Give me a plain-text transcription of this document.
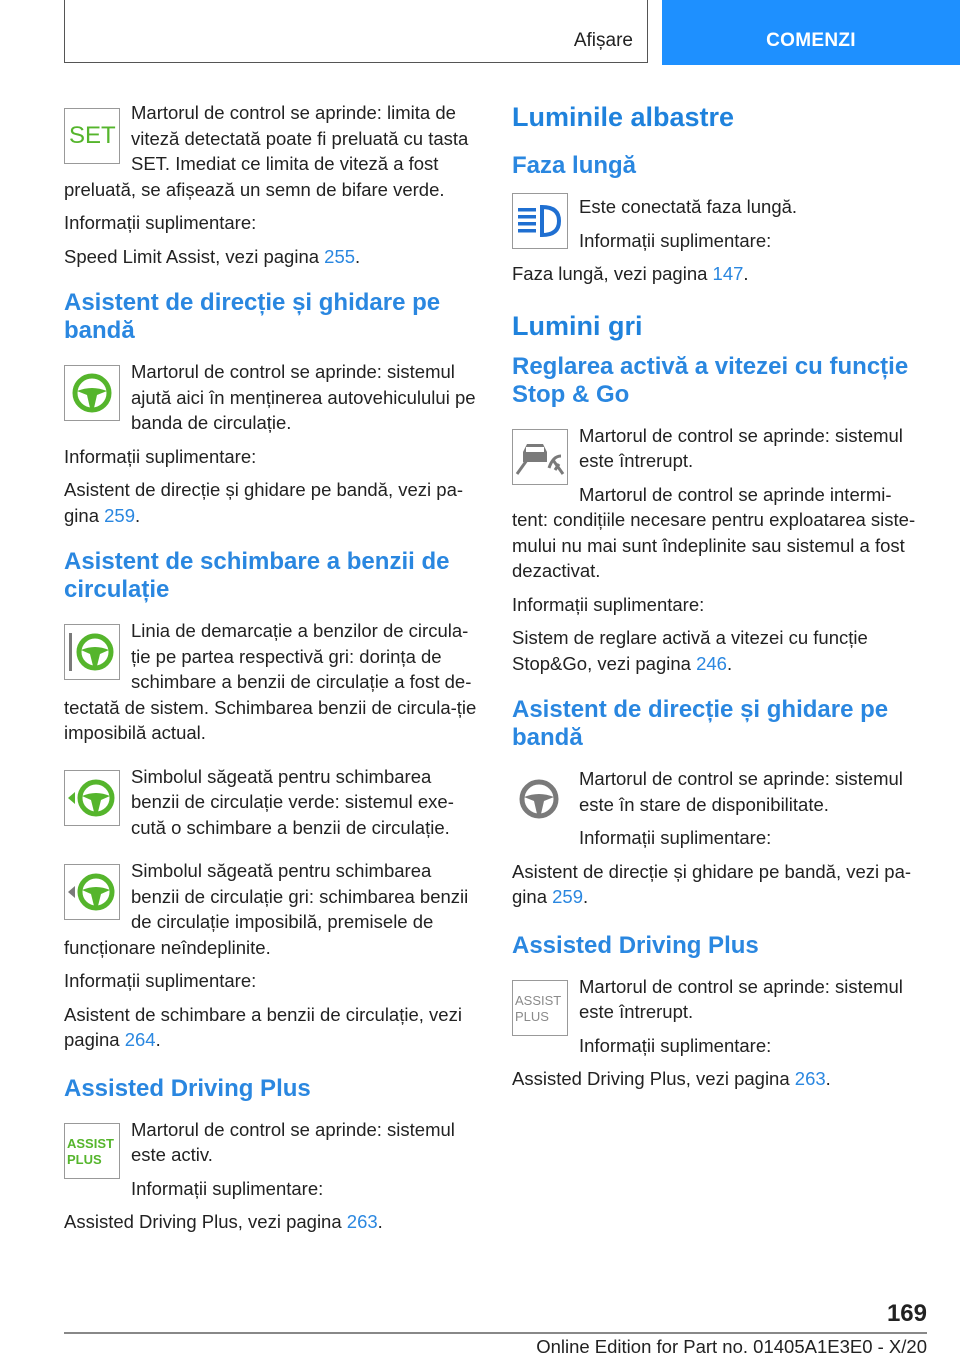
Afișare	COMENZI
SET

Martorul de control se aprinde: limita de viteză detectată poate fi preluată cu tasta SET. Imediat ce limita de viteză a fost preluată, se afișează un semn de bifare verde.

Informații suplimentare:

Speed Limit Assist, vezi pagina 255.

Asistent de direcție și ghidare pe bandă

Martorul de control se aprinde: sistemul ajută aici în menținerea autovehiculului pe banda de circulație.

Informații suplimentare:

Asistent de direcție și ghidare pe bandă, vezi pa-gina 259.

Asistent de schimbare a benzii de circulație

Linia de demarcație a benzilor de circula-ție pe partea respectivă gri: dorința de schimbare a benzii de circulație a fost de-tectată de sistem. Schimbarea benzii de circula-ție imposibilă actual.

Simbolul săgeată pentru schimbarea benzii de circulație verde: sistemul exe-cută o schimbare a benzii de circulație.

Simbolul săgeată pentru schimbarea benzii de circulație gri: schimbarea benzii de circulație imposibilă, premisele de funcționare neîndeplinite.

Informații suplimentare:

Asistent de schimbare a benzii de circulație, vezi pagina 264.

Assisted Driving Plus
ASSIST
PLUS

Martorul de control se aprinde: sistemul este activ.

Informații suplimentare:

Assisted Driving Plus, vezi pagina 263.

Luminile albastre
Faza lungă

Este conectată faza lungă.

Informații suplimentare:

Faza lungă, vezi pagina 147.

Lumini gri
Reglarea activă a vitezei cu funcție Stop & Go

Martorul de control se aprinde: sistemul este întrerupt.

Martorul de control se aprinde intermi-tent: condițiile necesare pentru exploatarea siste-mului nu mai sunt îndeplinite sau sistemul a fost dezactivat.

Informații suplimentare:

Sistem de reglare activă a vitezei cu funcție Stop&Go, vezi pagina 246.

Asistent de direcție și ghidare pe bandă

Martorul de control se aprinde: sistemul este în stare de disponibilitate.

Informații suplimentare:

Asistent de direcție și ghidare pe bandă, vezi pa-gina 259.

Assisted Driving Plus
ASSIST
PLUS

Martorul de control se aprinde: sistemul este întrerupt.

Informații suplimentare:

Assisted Driving Plus, vezi pagina 263.

169
Online Edition for Part no. 01405A1E3E0 - X/20
